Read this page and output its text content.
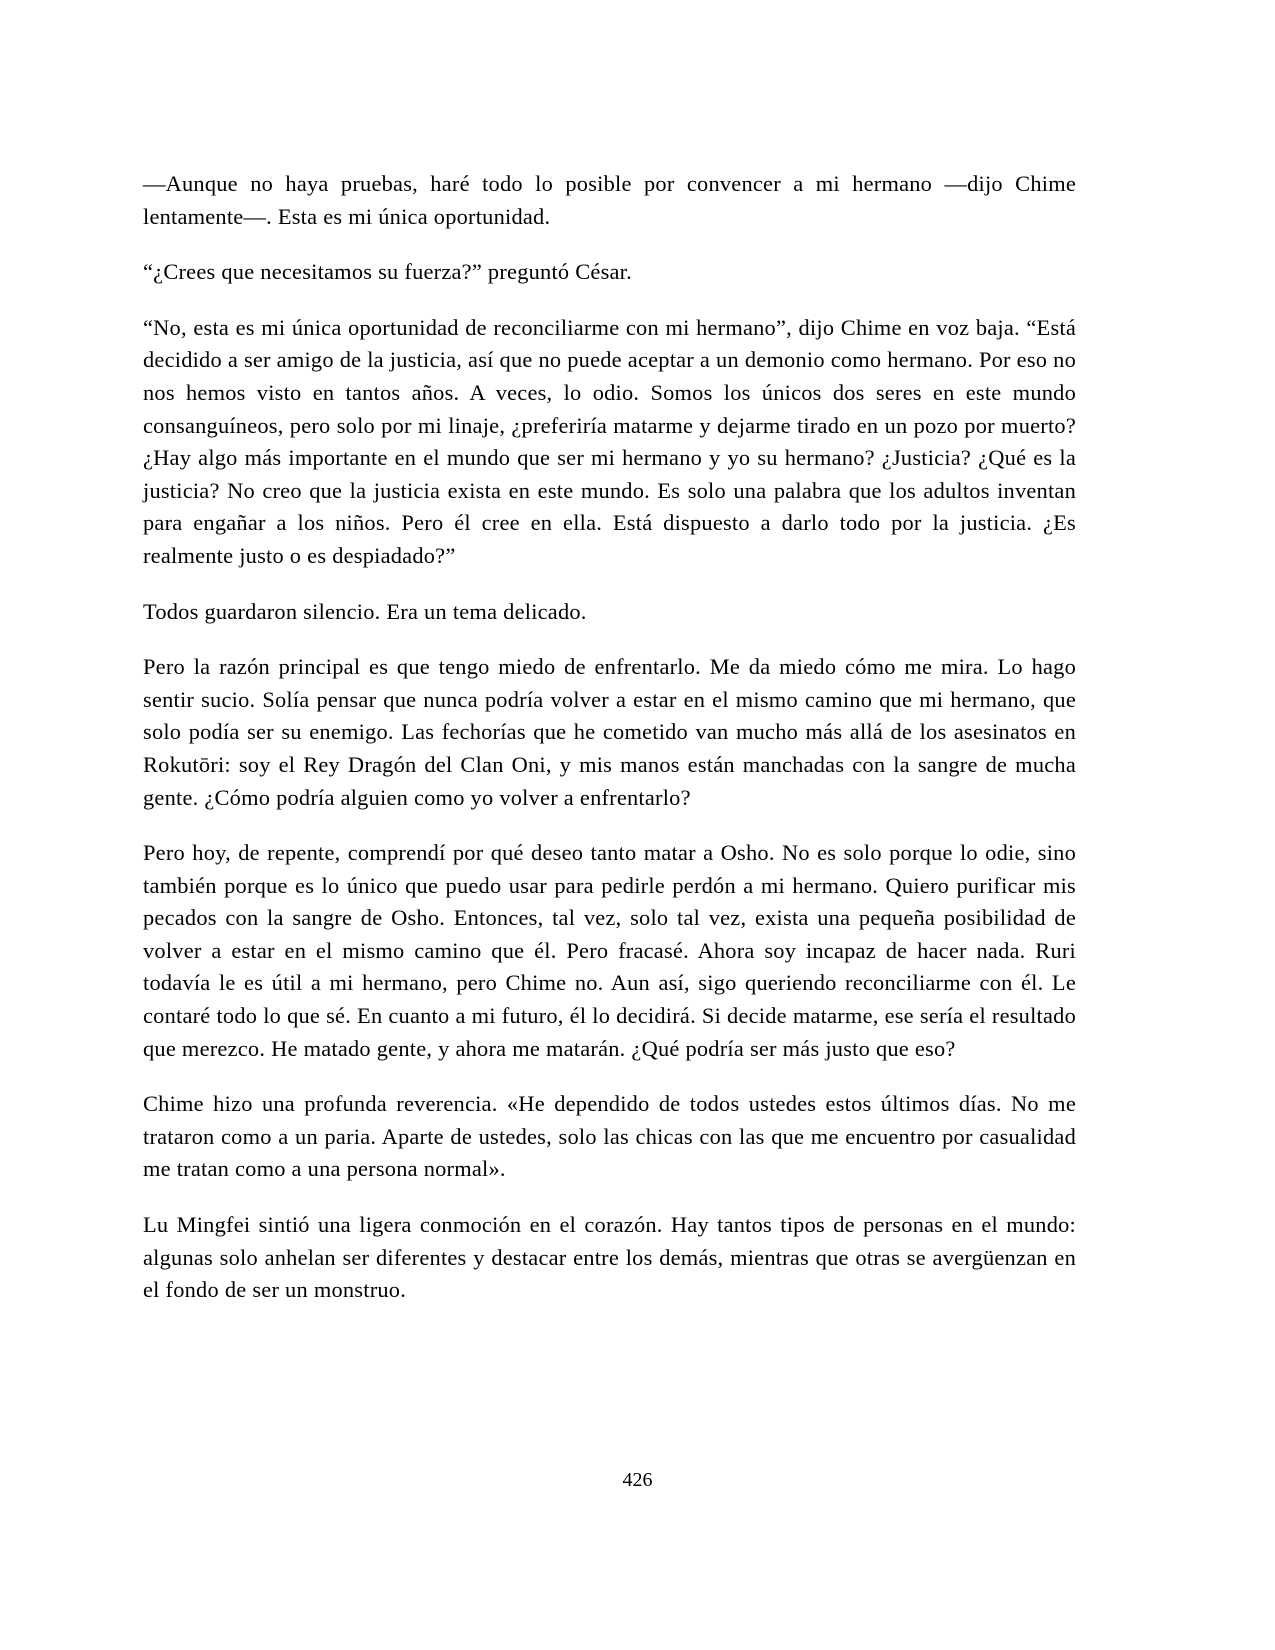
—Aunque no haya pruebas, haré todo lo posible por convencer a mi hermano —dijo Chime lentamente—. Esta es mi única oportunidad.

“¿Crees que necesitamos su fuerza?” preguntó César.

“No, esta es mi única oportunidad de reconciliarme con mi hermano”, dijo Chime en voz baja. “Está decidido a ser amigo de la justicia, así que no puede aceptar a un demonio como hermano. Por eso no nos hemos visto en tantos años. A veces, lo odio. Somos los únicos dos seres en este mundo consanguíneos, pero solo por mi linaje, ¿preferiría matarme y dejarme tirado en un pozo por muerto? ¿Hay algo más importante en el mundo que ser mi hermano y yo su hermano? ¿Justicia? ¿Qué es la justicia? No creo que la justicia exista en este mundo. Es solo una palabra que los adultos inventan para engañar a los niños. Pero él cree en ella. Está dispuesto a darlo todo por la justicia. ¿Es realmente justo o es despiadado?”

Todos guardaron silencio. Era un tema delicado.

Pero la razón principal es que tengo miedo de enfrentarlo. Me da miedo cómo me mira. Lo hago sentir sucio. Solía pensar que nunca podría volver a estar en el mismo camino que mi hermano, que solo podía ser su enemigo. Las fechorías que he cometido van mucho más allá de los asesinatos en Rokutōri: soy el Rey Dragón del Clan Oni, y mis manos están manchadas con la sangre de mucha gente. ¿Cómo podría alguien como yo volver a enfrentarlo?

Pero hoy, de repente, comprendí por qué deseo tanto matar a Osho. No es solo porque lo odie, sino también porque es lo único que puedo usar para pedirle perdón a mi hermano. Quiero purificar mis pecados con la sangre de Osho. Entonces, tal vez, solo tal vez, exista una pequeña posibilidad de volver a estar en el mismo camino que él. Pero fracasé. Ahora soy incapaz de hacer nada. Ruri todavía le es útil a mi hermano, pero Chime no. Aun así, sigo queriendo reconciliarme con él. Le contaré todo lo que sé. En cuanto a mi futuro, él lo decidirá. Si decide matarme, ese sería el resultado que merezco. He matado gente, y ahora me matarán. ¿Qué podría ser más justo que eso?

Chime hizo una profunda reverencia. «He dependido de todos ustedes estos últimos días. No me trataron como a un paria. Aparte de ustedes, solo las chicas con las que me encuentro por casualidad me tratan como a una persona normal».

Lu Mingfei sintió una ligera conmoción en el corazón. Hay tantos tipos de personas en el mundo: algunas solo anhelan ser diferentes y destacar entre los demás, mientras que otras se avergüenzan en el fondo de ser un monstruo.

426
